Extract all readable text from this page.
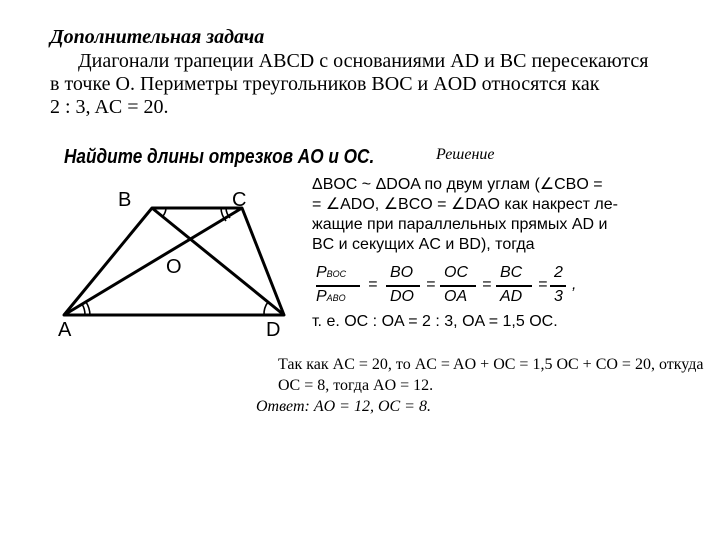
Дополнительная задача
Диагонали трапеции ABCD с основаниями AD и BC пересекаются
в точке O. Периметры треугольников BOC и AOD относятся как
2 : 3, AC = 20.
Найдите длины отрезков AO и OC.	Решение
B	C
O
A	D
ΔBOC ~ ΔDOA по двум углам (∠CBO =
= ∠ADO, ∠BCO = ∠DAO как накрест ле-
жащие при параллельных прямых AD и
BC и секущих AC и BD), тогда
PBOC
PABO
=
BO
DO
=
OC
OA
=
BC
AD
=
2
3
,
т. е. OC : OA = 2 : 3, OA = 1,5 OC.
Так как AC = 20, то AC = AO + OC = 1,5 OC + CO = 20, откуда
OC = 8, тогда AO = 12.
Ответ: AO = 12, OC = 8.
